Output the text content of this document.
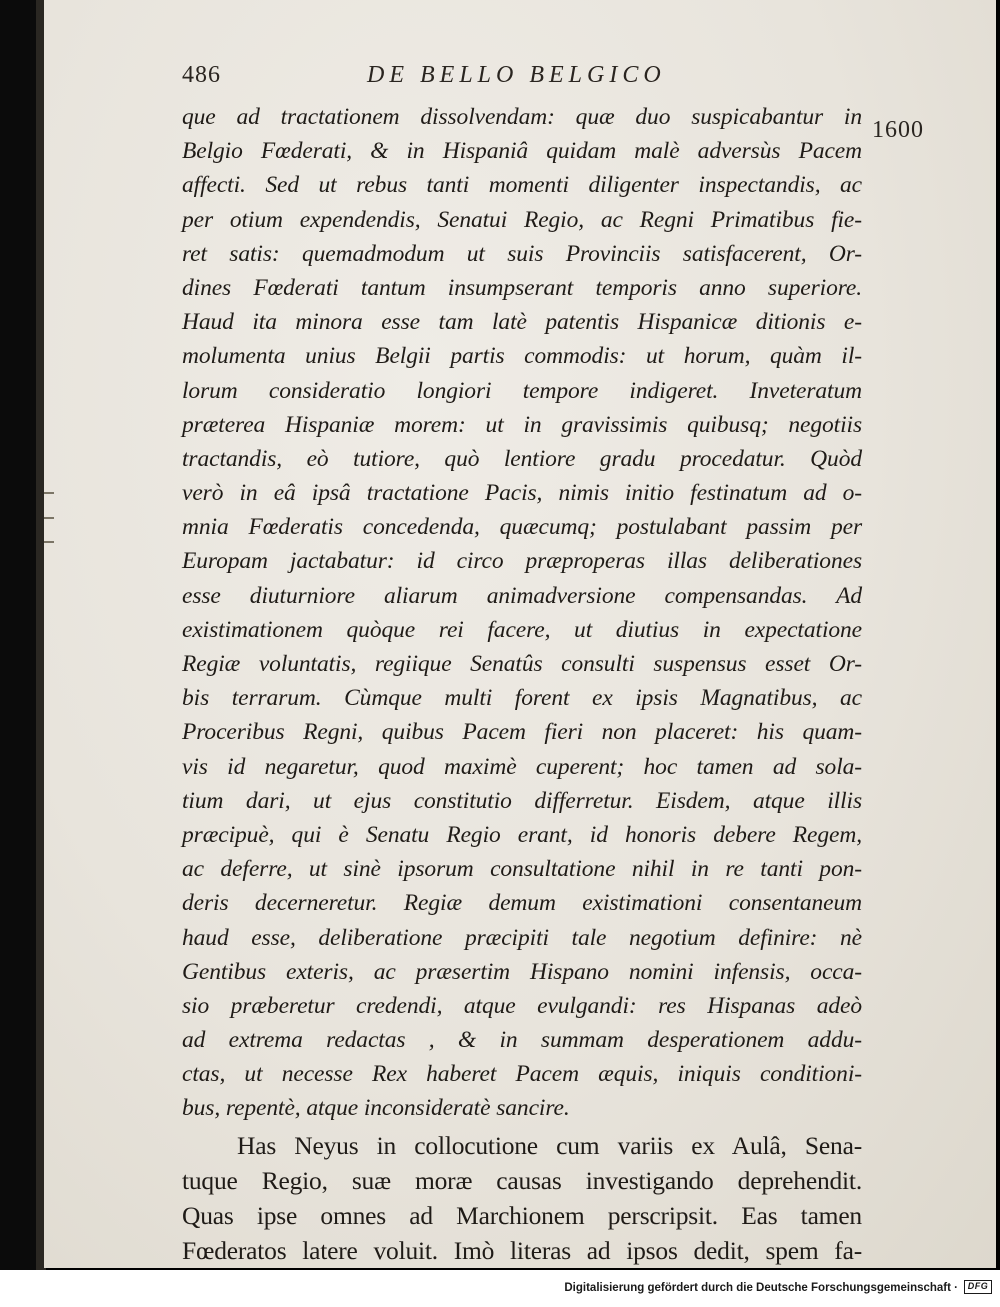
486	DE BELLO BELGICO
1600
que ad tractationem dissolvendam: quæ duo suspicabantur in
Belgio Fœderati, & in Hispaniâ quidam malè adversùs Pacem
affecti. Sed ut rebus tanti momenti diligenter inspectandis, ac
per otium expendendis, Senatui Regio, ac Regni Primatibus fie-
ret satis: quemadmodum ut suis Provinciis satisfacerent, Or-
dines Fœderati tantum insumpserant temporis anno superiore.
Haud ita minora esse tam latè patentis Hispanicæ ditionis e-
molumenta unius Belgii partis commodis: ut horum, quàm il-
lorum consideratio longiori tempore indigeret. Inveteratum
præterea Hispaniæ morem: ut in gravissimis quibusq; negotiis
tractandis, eò tutiore, quò lentiore gradu procedatur. Quòd
verò in eâ ipsâ tractatione Pacis, nimis initio festinatum ad o-
mnia Fœderatis concedenda, quæcumq; postulabant passim per
Europam jactabatur: id circo præproperas illas deliberationes
esse diuturniore aliarum animadversione compensandas. Ad
existimationem quòque rei facere, ut diutius in expectatione
Regiæ voluntatis, regiique Senatûs consulti suspensus esset Or-
bis terrarum. Cùmque multi forent ex ipsis Magnatibus, ac
Proceribus Regni, quibus Pacem fieri non placeret: his quam-
vis id negaretur, quod maximè cuperent; hoc tamen ad sola-
tium dari, ut ejus constitutio differretur. Eisdem, atque illis
præcipuè, qui è Senatu Regio erant, id honoris debere Regem,
ac deferre, ut sinè ipsorum consultatione nihil in re tanti pon-
deris decerneretur. Regiæ demum existimationi consentaneum
haud esse, deliberatione præcipiti tale negotium definire: nè
Gentibus exteris, ac præsertim Hispano nomini infensis, occa-
sio præberetur credendi, atque evulgandi: res Hispanas adeò
ad extrema redactas , & in summam desperationem addu-
ctas, ut necesse Rex haberet Pacem æquis, iniquis conditioni-
bus, repentè, atque inconsideratè sancire.
Has Neyus in collocutione cum variis ex Aulâ, Sena-
tuque Regio, suæ moræ causas investigando deprehendit.
Quas ipse omnes ad Marchionem perscripsit. Eas tamen
Fœderatos latere voluit. Imò literas ad ipsos dedit, spem fa-
Digitalisierung gefördert durch die Deutsche Forschungsgemeinschaft ·	DFG
